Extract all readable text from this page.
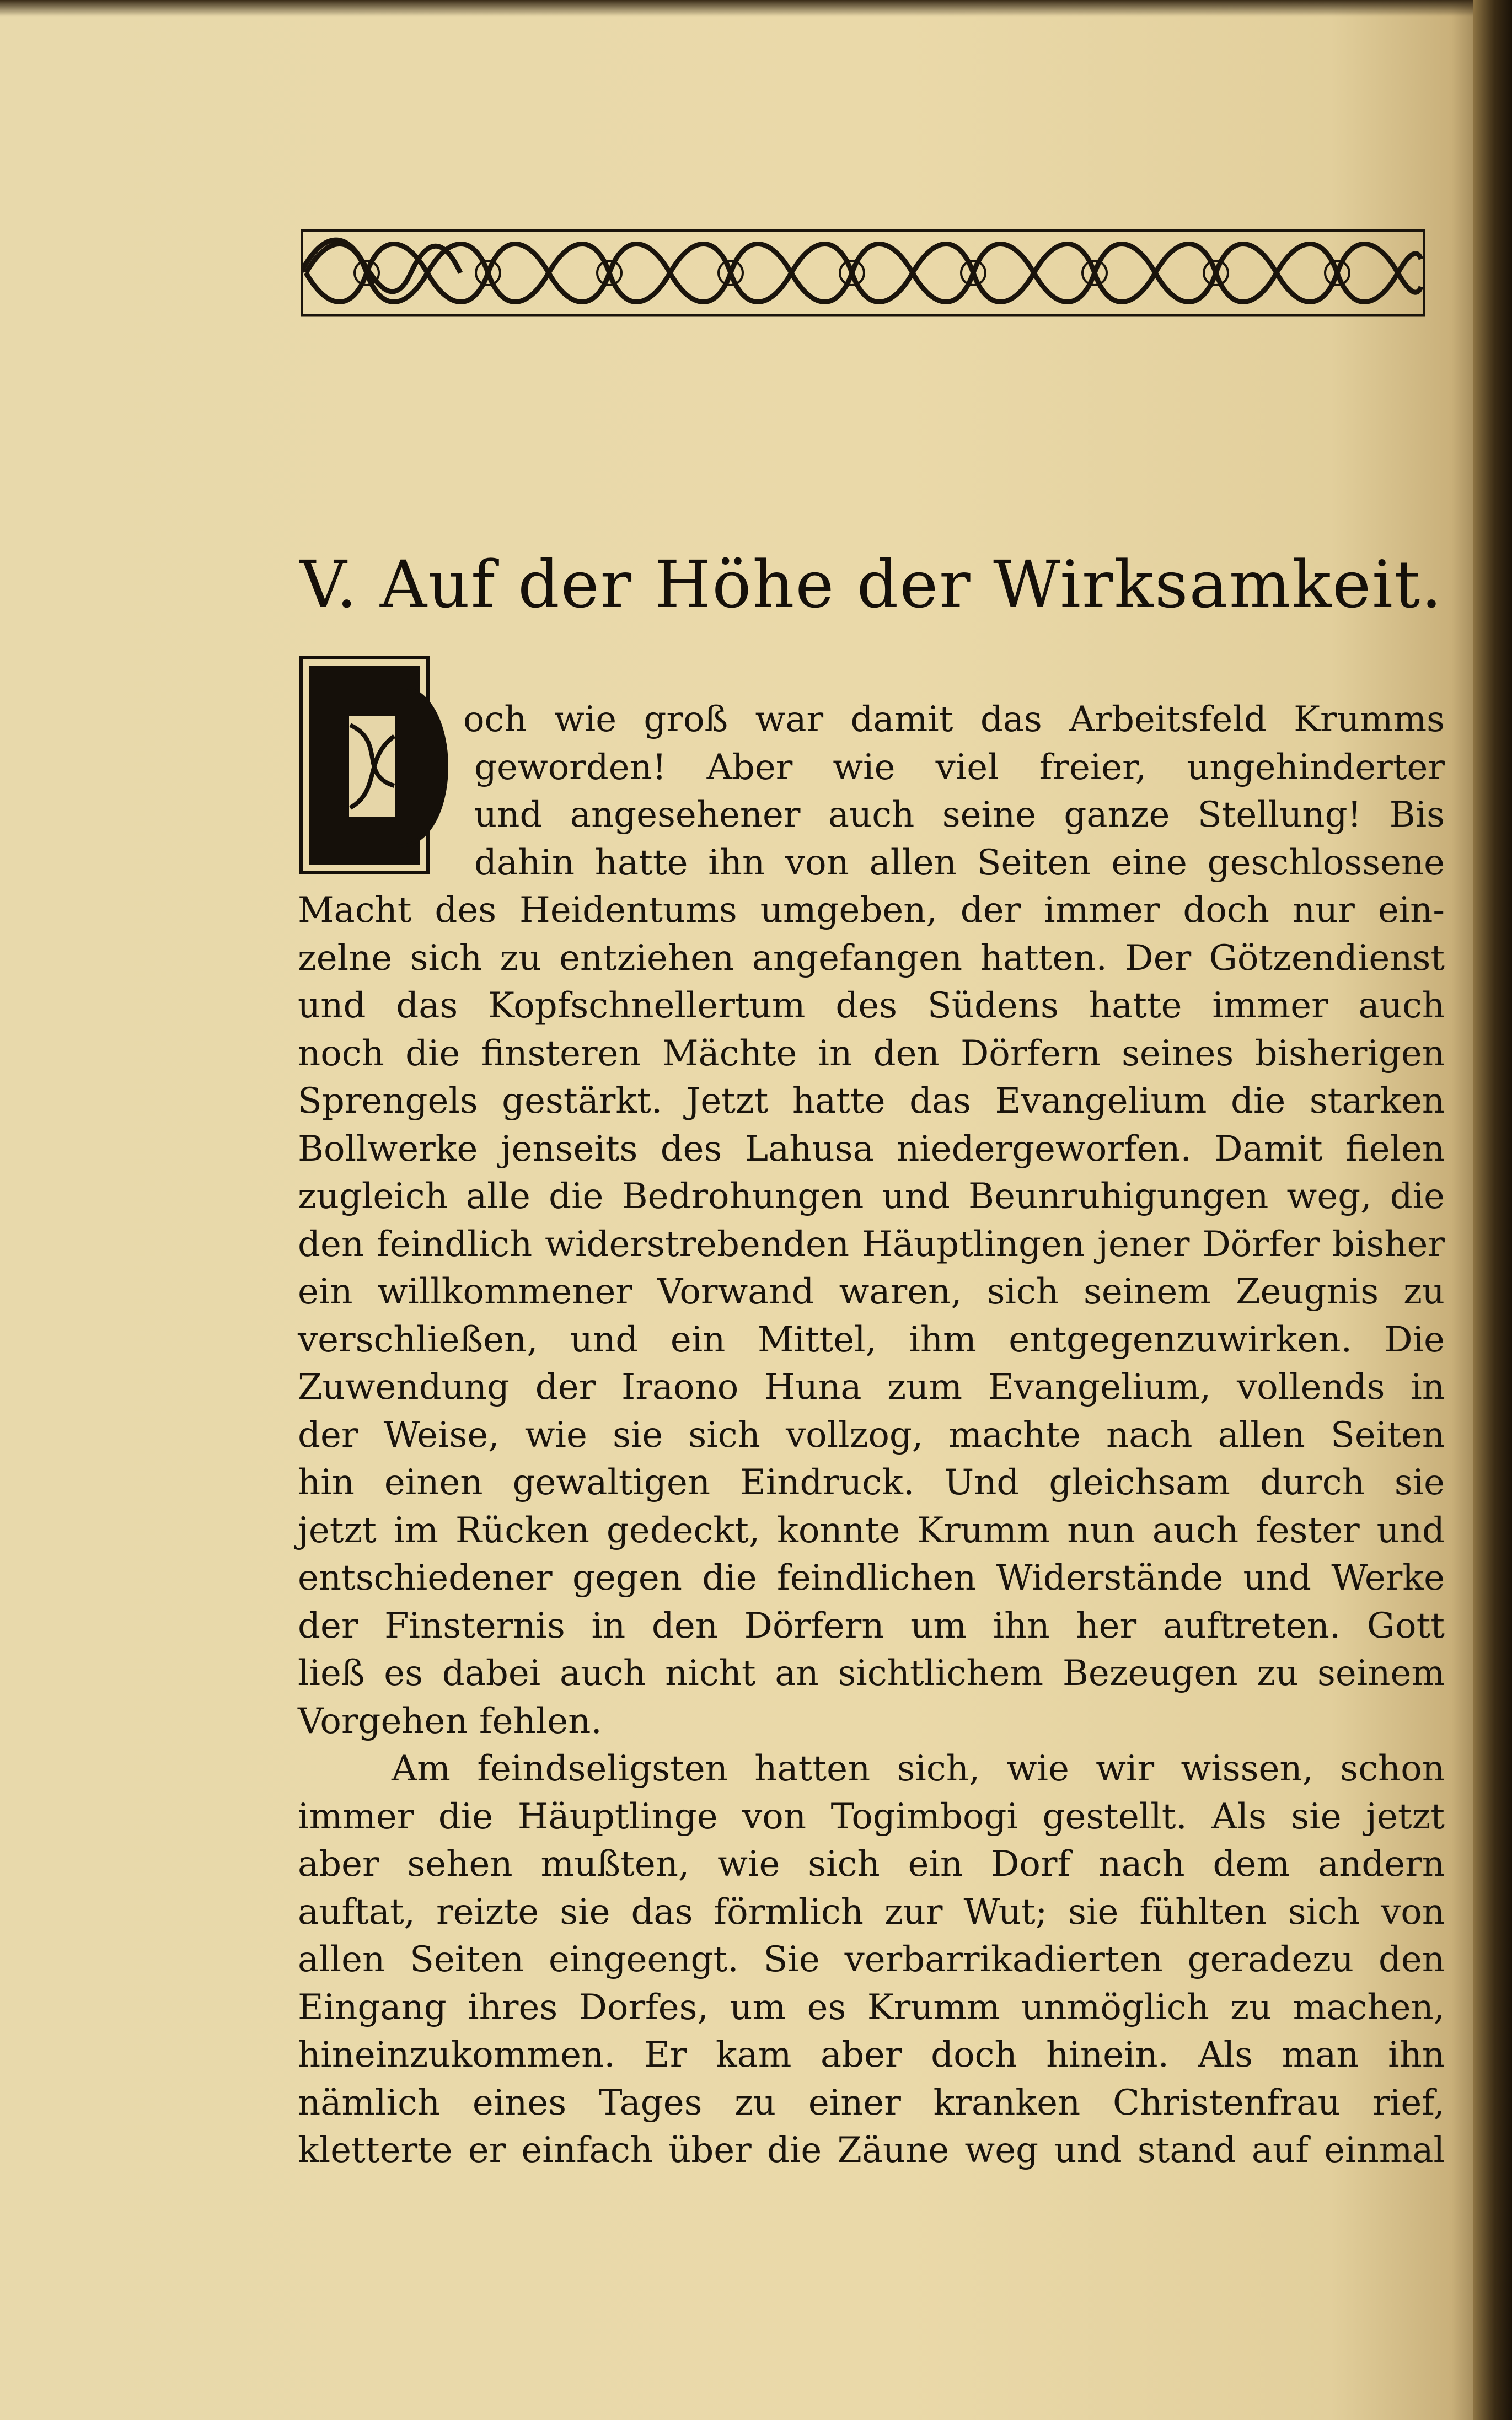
V. Auf der Höhe der Wirksamkeit.
och wie groß war damit das Arbeitsfeld Krumms
geworden! Aber wie viel freier, ungehinderter
und angesehener auch seine ganze Stellung! Bis
dahin hatte ihn von allen Seiten eine geschlossene
Macht des Heidentums umgeben, der immer doch nur ein-
zelne sich zu entziehen angefangen hatten. Der Götzendienst
und das Kopfschnellertum des Südens hatte immer auch
noch die finsteren Mächte in den Dörfern seines bisherigen
Sprengels gestärkt. Jetzt hatte das Evangelium die starken
Bollwerke jenseits des Lahusa niedergeworfen. Damit fielen
zugleich alle die Bedrohungen und Beunruhigungen weg, die
den feindlich widerstrebenden Häuptlingen jener Dörfer bisher
ein willkommener Vorwand waren, sich seinem Zeugnis zu
verschließen, und ein Mittel, ihm entgegenzuwirken. Die
Zuwendung der Iraono Huna zum Evangelium, vollends in
der Weise, wie sie sich vollzog, machte nach allen Seiten
hin einen gewaltigen Eindruck. Und gleichsam durch sie
jetzt im Rücken gedeckt, konnte Krumm nun auch fester und
entschiedener gegen die feindlichen Widerstände und Werke
der Finsternis in den Dörfern um ihn her auftreten. Gott
ließ es dabei auch nicht an sichtlichem Bezeugen zu seinem
Vorgehen fehlen.
Am feindseligsten hatten sich, wie wir wissen, schon
immer die Häuptlinge von Togimbogi gestellt. Als sie jetzt
aber sehen mußten, wie sich ein Dorf nach dem andern
auftat, reizte sie das förmlich zur Wut; sie fühlten sich von
allen Seiten eingeengt. Sie verbarrikadierten geradezu den
Eingang ihres Dorfes, um es Krumm unmöglich zu machen,
hineinzukommen. Er kam aber doch hinein. Als man ihn
nämlich eines Tages zu einer kranken Christenfrau rief,
kletterte er einfach über die Zäune weg und stand auf einmal
